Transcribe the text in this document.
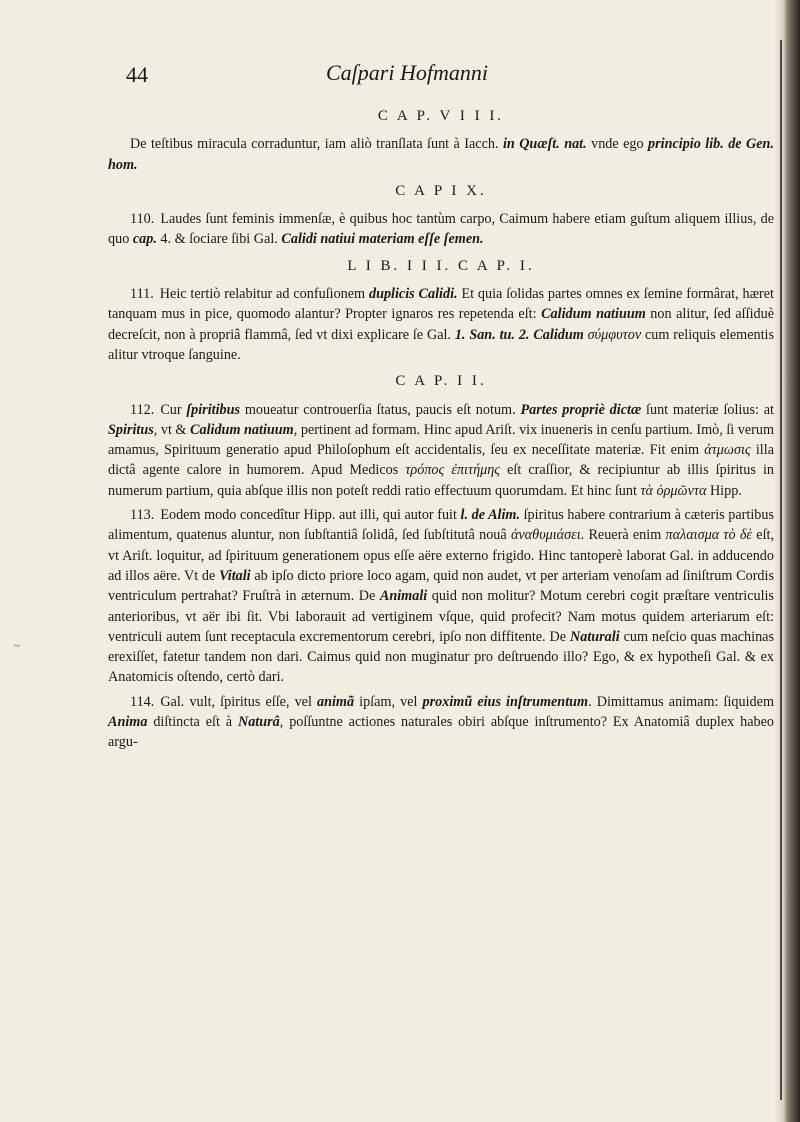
~
44	Caſpari Hofmanni
C A P. V I I I.

De teſtibus miracula corraduntur, iam aliò tranſlata ſunt à Iacch. in Quæſt. nat. vnde ego principio lib. de Gen. hom.

C A P I X.

110. Laudes ſunt feminis immenſæ, è quibus hoc tantùm carpo, Caimum habere etiam guſtum aliquem illius, de quo cap. 4. & ſociare ſibi Gal. Calidi natiui materiam eſſe ſemen.

L I B. I I I. C A P. I.

111. Heic tertiò relabitur ad confuſionem duplicis Calidi. Et quia ſolidas partes omnes ex ſemine formârat, hæret tanquam mus in pice, quomodo alantur? Propter ignaros res repetenda eſt: Calidum natiuum non alitur, ſed aſſiduè decreſcit, non à propriâ flammâ, ſed vt dixi explicare ſe Gal. 1. San. tu. 2. Calidum σύμφυτον cum reliquis elementis alitur vtroque ſanguine.

C A P. I I.

112. Cur ſpiritibus moueatur controuerſia ſtatus, paucis eſt notum. Partes propriè dictæ ſunt materiæ ſolius: at Spiritus, vt & Calidum natiuum, pertinent ad formam. Hinc apud Ariſt. vix inueneris in cenſu partium. Imò, ſi verum amamus, Spirituum generatio apud Philoſophum eſt accidentalis, ſeu ex neceſſitate materiæ. Fit enim ἀτμωσις illa dictâ agente calore in humorem. Apud Medicos τρόπος ἐπιτήμης eſt craſſior, & recipiuntur ab illis ſpiritus in numerum partium, quia abſque illis non poteſt reddi ratio effectuum quorumdam. Et hinc ſunt τὰ ὁρμῶντα Hipp.

113. Eodem modo concedîtur Hipp. aut illi, qui autor fuit l. de Alim. ſpiritus habere contrarium à cæteris partibus alimentum, quatenus aluntur, non ſubſtantiâ ſolidâ, ſed ſubſtitutâ nouâ ἀναθυμιάσει. Reuerà enim παλαισμα τὸ δὲ eſt, vt Ariſt. loquitur, ad ſpirituum generationem opus eſſe aëre externo frigido. Hinc tantoperè laborat Gal. in adducendo ad illos aëre. Vt de Vitali ab ipſo dicto priore loco agam, quid non audet, vt per arteriam venoſam ad ſiniſtrum Cordis ventriculum pertrahat? Fruſtrà in æternum. De Animali quid non molitur? Motum cerebri cogit præſtare ventriculis anterioribus, vt aër ibi ſit. Vbi laborauit ad vertiginem vſque, quid profecit? Nam motus quidem arteriarum eſt: ventriculi autem ſunt receptacula excrementorum cerebri, ipſo non diffitente. De Naturali cum neſcio quas machinas erexiſſet, fatetur tandem non dari. Caimus quid non muginatur pro deſtruendo illo? Ego, & ex hypotheſi Gal. & ex Anatomicis oſtendo, certò dari.

114. Gal. vult, ſpiritus eſſe, vel animã ipſam, vel proximũ eius inſtrumentum. Dimittamus animam: ſiquidem Anima diſtincta eſt à Naturâ, poſſuntne actiones naturales obiri abſque inſtrumento? Ex Anatomiâ duplex habeo argu-
